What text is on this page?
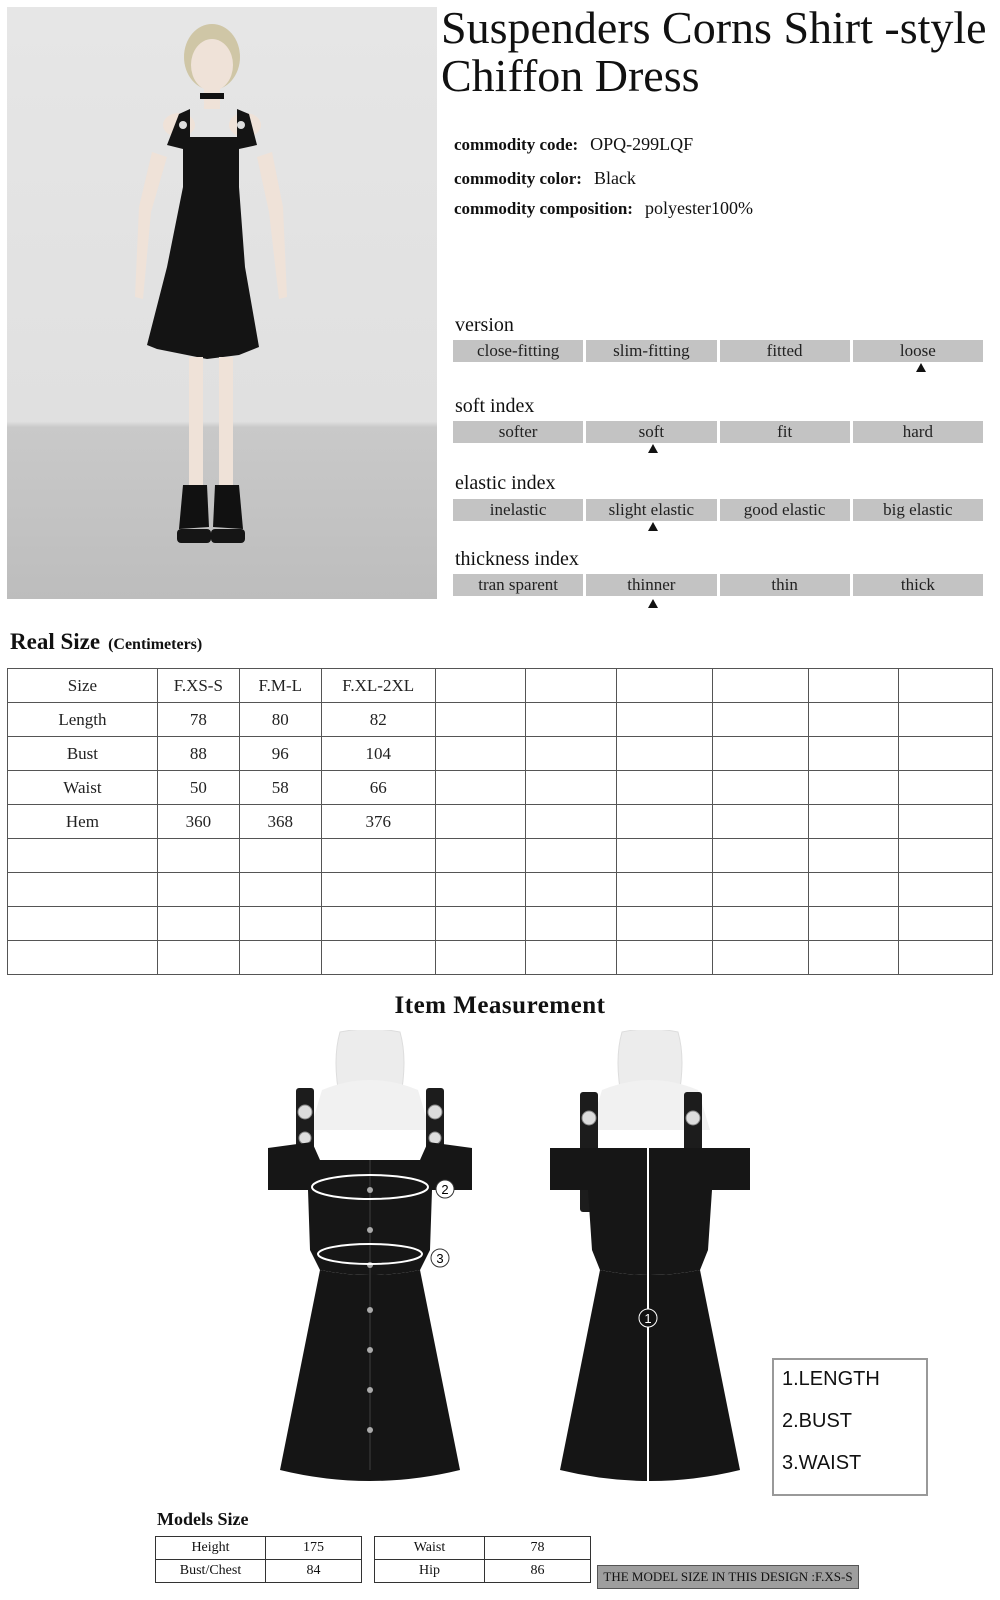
Suspenders Corns Shirt -style
Chiffon Dress
commodity code: OPQ-299LQF
commodity color: Black
commodity composition: polyester100%
version
close-fitting	slim-fitting	fitted	loose
soft index
softer	soft	fit	hard
elastic index
inelastic	slight elastic	good elastic	big elastic
thickness index
tran sparent	thinner	thin	thick
Real Size (Centimeters)
Size	F.XS-S	F.M-L	F.XL-2XL						
Length	78	80	82						
Bust	88	96	104						
Waist	50	58	66						
Hem	360	368	376						

Item Measurement
2
3
1
1.LENGTH
2.BUST
3.WAIST
Models Size
Height	175
Bust/Chest	84
Waist	78
Hip	86	THE MODEL SIZE IN THIS DESIGN :F.XS-S
